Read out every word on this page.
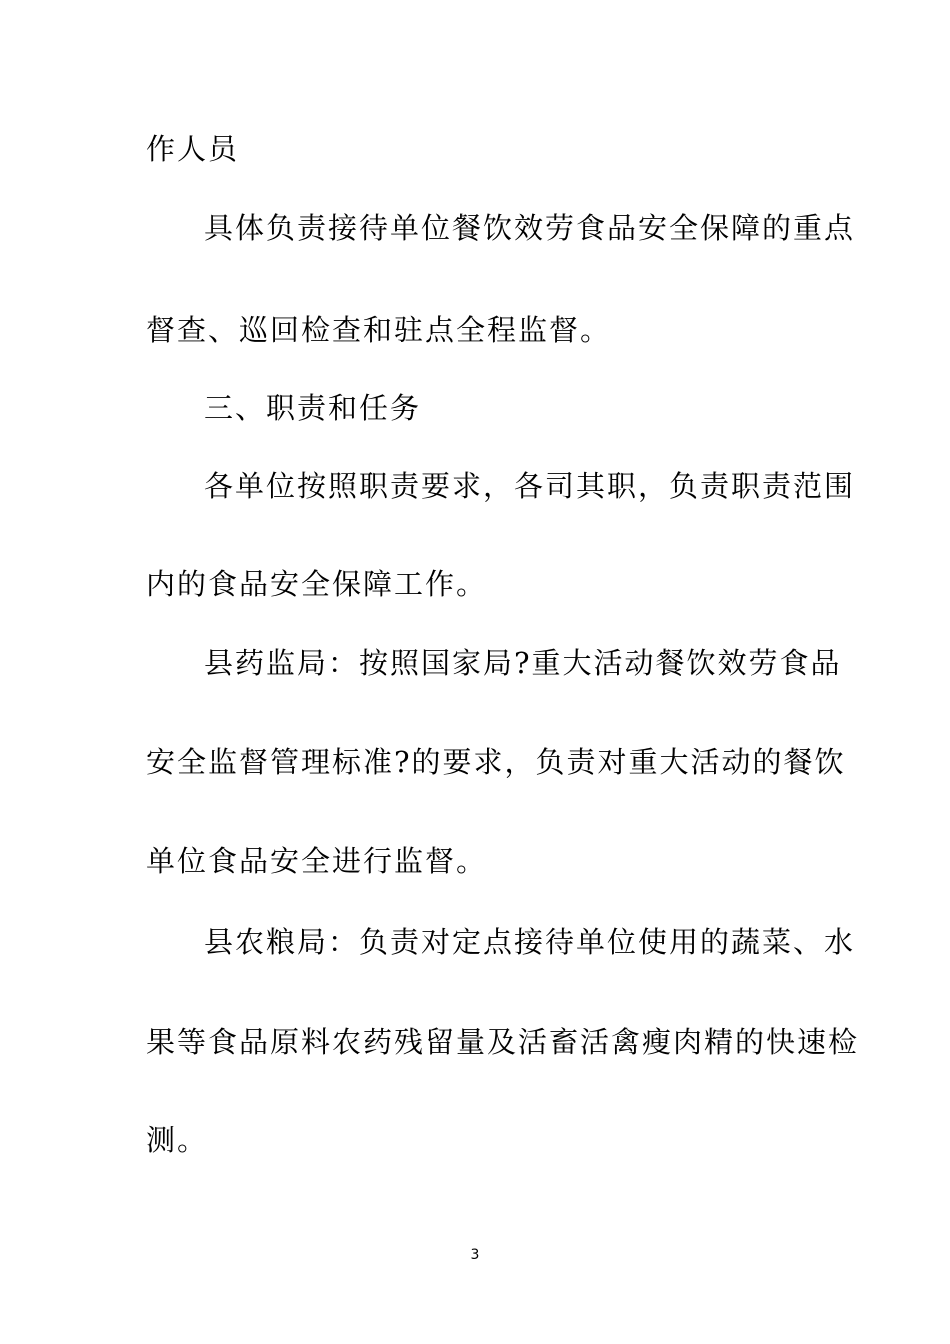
作人员
具体负责接待单位餐饮效劳食品安全保障的重点
督查、巡回检查和驻点全程监督。
三、职责和任务
各单位按照职责要求，各司其职，负责职责范围
内的食品安全保障工作。
县药监局：按照国家局?重大活动餐饮效劳食品
安全监督管理标准?的要求，负责对重大活动的餐饮
单位食品安全进行监督。
县农粮局：负责对定点接待单位使用的蔬菜、水
果等食品原料农药残留量及活畜活禽瘦肉精的快速检
测。
3
